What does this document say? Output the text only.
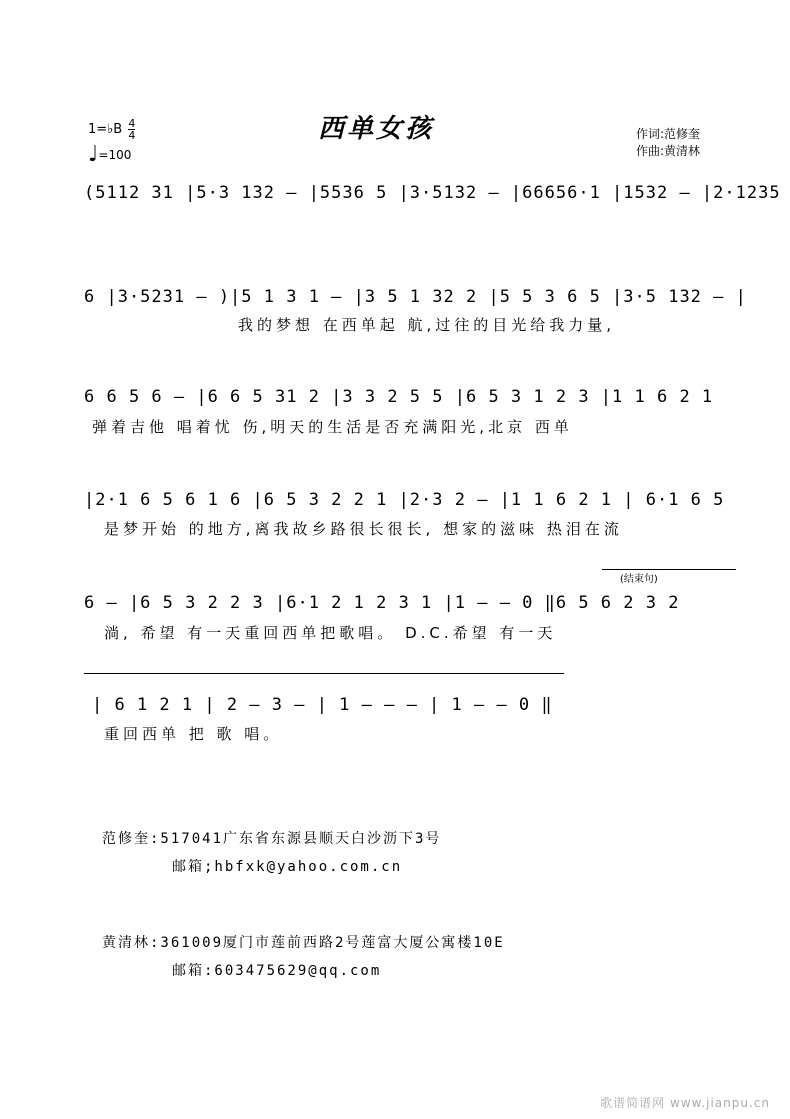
1=♭B $\frac{4}{4}$
♩=100
西单女孩	作词:范修奎
作曲:黄清林
(5112 31 |5·3 132 — |5536 5 |3·5132 — |66656·1 |1532 — |2·1235
6 |3·5231 — )|5 1 3 1 — |3 5 1 32 2 |5 5 3 6 5 |3·5 132 — |
我的梦想 在西单起 航,过往的目光给我力量,
6 6 5 6 — |6 6 5 31 2 |3 3 2 5 5 |6 5 3 1 2 3 |1 1 6 2 1
弹着吉他 唱着忧 伤,明天的生活是否充满阳光,北京 西单
|2·1 6 5 6 1 6 |6 5 3 2 2 1 |2·3 2 — |1 1 6 2 1 | 6·1 6 5
是梦开始 的地方,离我故乡路很长很长, 想家的滋味 热泪在流
(结束句)
6 — |6 5 3 2 2 3 |6·1 2 1 2 3 1 |1 — — 0 ‖6 5 6 2 3 2
淌, 希望 有一天重回西单把歌唱。 D.C.希望 有一天
| 6 1 2 1 | 2 — 3 — | 1 — — — | 1 — — 0 ‖
重回西单 把 歌 唱。
范修奎:517041广东省东源县顺天白沙沥下3号
邮箱;hbfxk@yahoo.com.cn
黄清林:361009厦门市莲前西路2号莲富大厦公寓楼10E
邮箱:603475629@qq.com
歌谱简谱网 www.jianpu.cn
